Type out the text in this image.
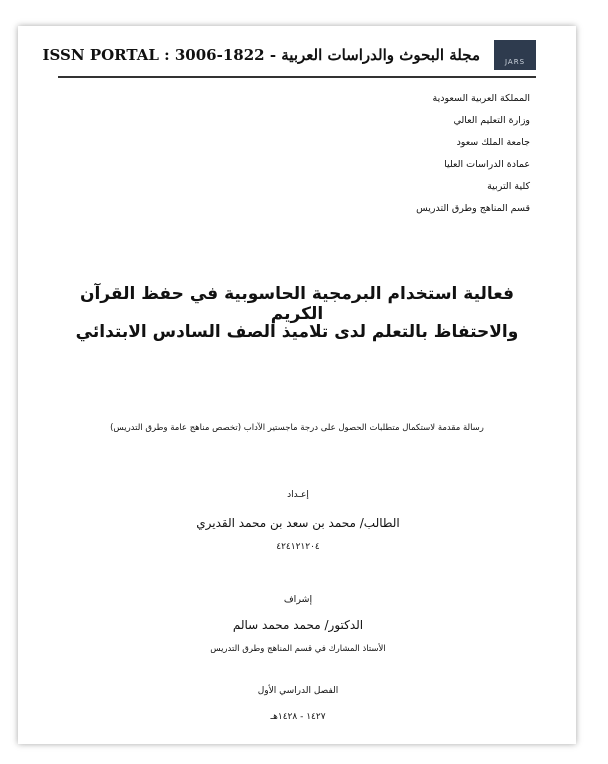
ISSN PORTAL : 3006-1822 - مجلة البحوث والدراسات العربية	JARS
المملكة العربية السعودية
وزارة التعليم العالي
جامعة الملك سعود
عمادة الدراسات العليا
كلية التربية
قسم المناهج وطرق التدريس
فعالية استخدام البرمجية الحاسوبية في حفظ القرآن الكريم
والاحتفاظ بالتعلم لدى تلاميذ الصف السادس الابتدائي
رسالة مقدمة لاستكمال متطلبات الحصول على درجة ماجستير الآداب (تخصص مناهج عامة وطرق التدريس)
إعـداد
الطالب/ محمد بن سعد بن محمد القديري
٤٢٤١٢١٢٠٤
إشراف
الدكتور/ محمد محمد سالم
الأستاذ المشارك في قسم المناهج وطرق التدريس
الفصل الدراسي الأول
١٤٢٧ - ١٤٢٨هـ
